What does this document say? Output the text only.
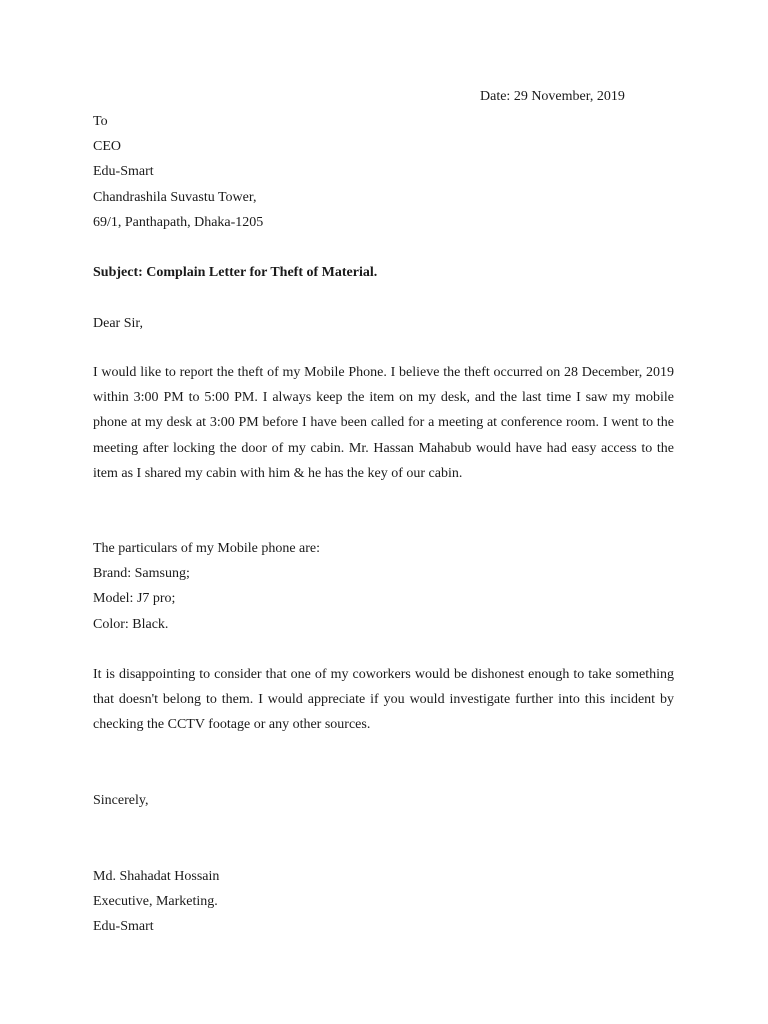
Date: 29 November, 2019
To
CEO
Edu-Smart
Chandrashila Suvastu Tower,
69/1, Panthapath, Dhaka-1205
Subject: Complain Letter for Theft of Material.
Dear Sir,
I would like to report the theft of my Mobile Phone. I believe the theft occurred on 28 December, 2019 within 3:00 PM to 5:00 PM. I always keep the item on my desk, and the last time I saw my mobile phone at my desk at 3:00 PM before I have been called for a meeting at conference room. I went to the meeting after locking the door of my cabin. Mr. Hassan Mahabub would have had easy access to the item as I shared my cabin with him & he has the key of our cabin.
The particulars of my Mobile phone are:
Brand: Samsung;
Model: J7 pro;
Color: Black.
It is disappointing to consider that one of my coworkers would be dishonest enough to take something that doesn't belong to them. I would appreciate if you would investigate further into this incident by checking the CCTV footage or any other sources.
Sincerely,
Md. Shahadat Hossain
Executive, Marketing.
Edu-Smart
